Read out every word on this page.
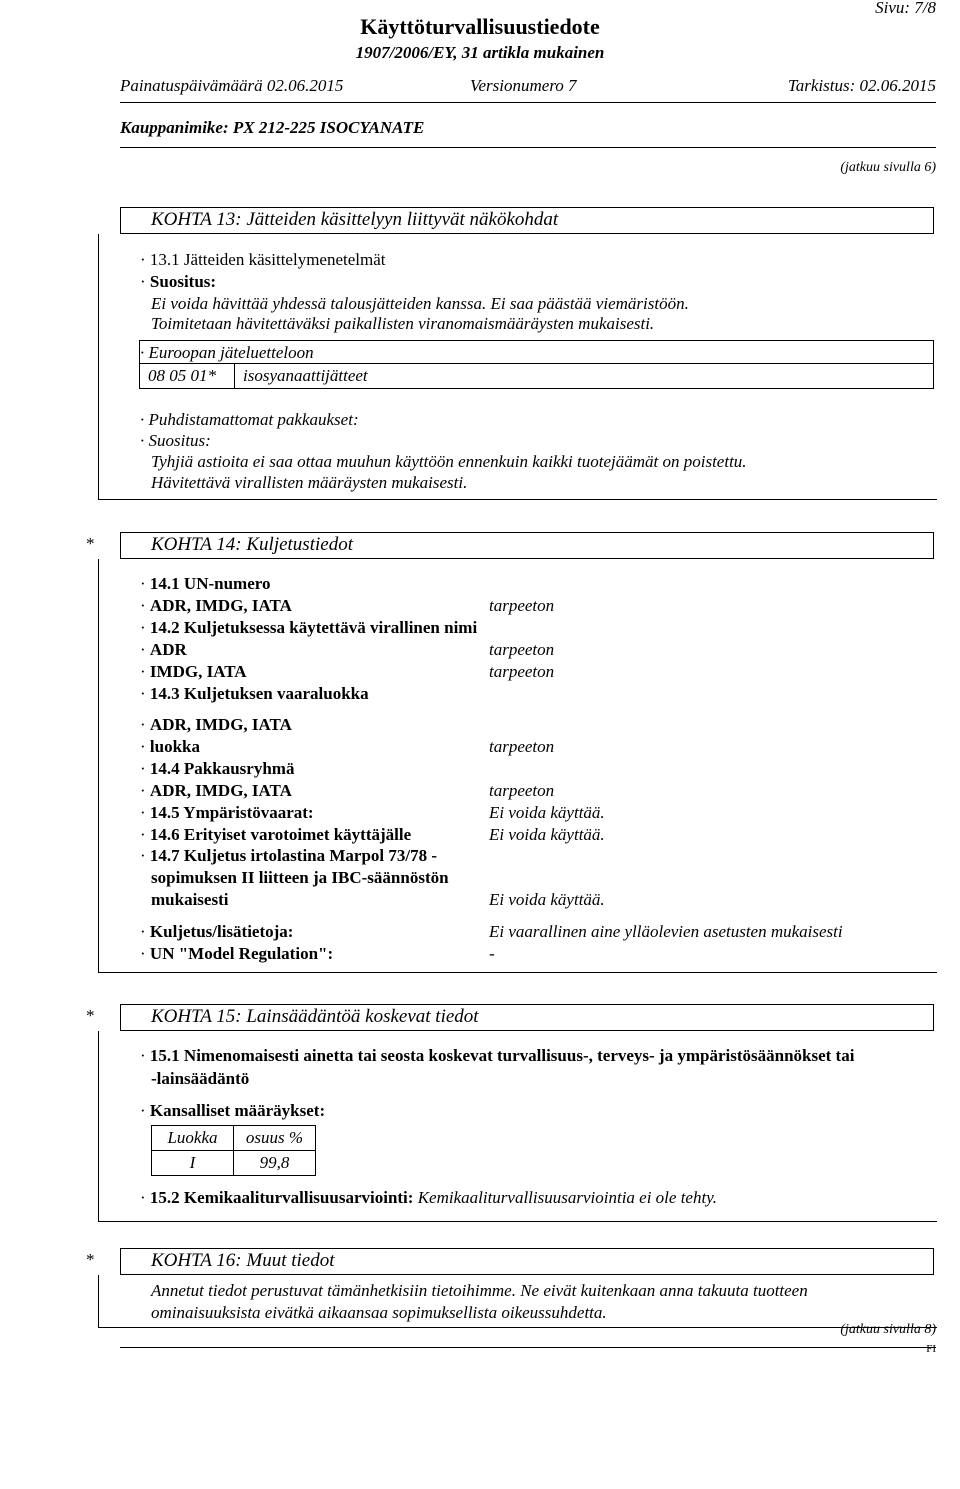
Sivu: 7/8
Käyttöturvallisuustiedote
1907/2006/EY, 31 artikla mukainen
Painatuspäivämäärä 02.06.2015	Versionumero 7	Tarkistus: 02.06.2015
Kauppanimike: PX 212-225 ISOCYANATE
(jatkuu sivulla 6)
KOHTA 13: Jätteiden käsittelyyn liittyvät näkökohdat
· 13.1 Jätteiden käsittelymenetelmät
· Suositus:
Ei voida hävittää yhdessä talousjätteiden kanssa. Ei saa päästää viemäristöön.
Toimitetaan hävitettäväksi paikallisten viranomaismääräysten mukaisesti.
· Euroopan jäteluetteloon

08 05 01*	isosyanaattijätteet
· Puhdistamattomat pakkaukset:
· Suositus:
Tyhjiä astioita ei saa ottaa muuhun käyttöön ennenkuin kaikki tuotejäämät on poistettu.
Hävitettävä virallisten määräysten mukaisesti.
*	KOHTA 14: Kuljetustiedot
· 14.1 UN-numero
· ADR, IMDG, IATA	tarpeeton
· 14.2 Kuljetuksessa käytettävä virallinen nimi
· ADR	tarpeeton
· IMDG, IATA	tarpeeton
· 14.3 Kuljetuksen vaaraluokka
· ADR, IMDG, IATA
· luokka	tarpeeton
· 14.4 Pakkausryhmä
· ADR, IMDG, IATA	tarpeeton
· 14.5 Ympäristövaarat:	Ei voida käyttää.
· 14.6 Erityiset varotoimet käyttäjälle	Ei voida käyttää.
· 14.7 Kuljetus irtolastina Marpol 73/78 -
sopimuksen II liitteen ja IBC-säännöstön
mukaisesti	Ei voida käyttää.
· Kuljetus/lisätietoja:	Ei vaarallinen aine ylläolevien asetusten mukaisesti
· UN "Model Regulation":	-
*	KOHTA 15: Lainsäädäntöä koskevat tiedot
· 15.1 Nimenomaisesti ainetta tai seosta koskevat turvallisuus-, terveys- ja ympäristösäännökset tai
-lainsäädäntö
· Kansalliset määräykset:
Luokka	osuus %
I	99,8
· 15.2 Kemikaaliturvallisuusarviointi: Kemikaaliturvallisuusarviointia ei ole tehty.
*	KOHTA 16: Muut tiedot
Annetut tiedot perustuvat tämänhetkisiin tietoihimme. Ne eivät kuitenkaan anna takuuta tuotteen
ominaisuuksista eivätkä aikaansaa sopimuksellista oikeussuhdetta.
(jatkuu sivulla 8)
FI
